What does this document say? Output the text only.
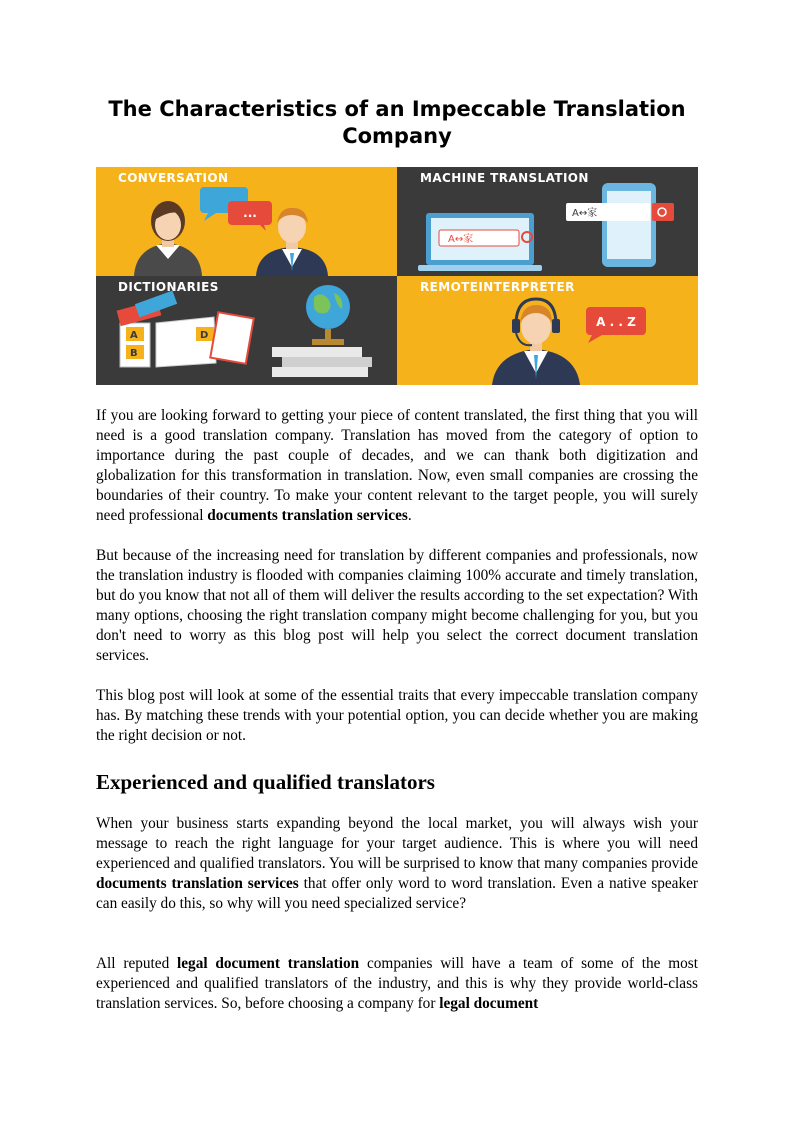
The Characteristics of an Impeccable Translation Company
CONVERSATION	MACHINE TRANSLATION
DICTIONARIES	REMOTEINTERPRETER
...
A↔家
A↔家
A
B
D
A . . Z

If you are looking forward to getting your piece of content translated, the first thing that you will need is a good translation company. Translation has moved from the category of option to importance during the past couple of decades, and we can thank both digitization and globalization for this transformation in translation. Now, even small companies are crossing the boundaries of their country. To make your content relevant to the target people, you will surely need professional documents translation services.

But because of the increasing need for translation by different companies and professionals, now the translation industry is flooded with companies claiming 100% accurate and timely translation, but do you know that not all of them will deliver the results according to the set expectation? With many options, choosing the right translation company might become challenging for you, but you don't need to worry as this blog post will help you select the correct document translation services.

This blog post will look at some of the essential traits that every impeccable translation company has. By matching these trends with your potential option, you can decide whether you are making the right decision or not.

Experienced and qualified translators

When your business starts expanding beyond the local market, you will always wish your message to reach the right language for your target audience. This is where you will need experienced and qualified translators. You will be surprised to know that many companies provide documents translation services that offer only word to word translation. Even a native speaker can easily do this, so why will you need specialized service?

All reputed legal document translation companies will have a team of some of the most experienced and qualified translators of the industry, and this is why they provide world-class translation services. So, before choosing a company for legal document
